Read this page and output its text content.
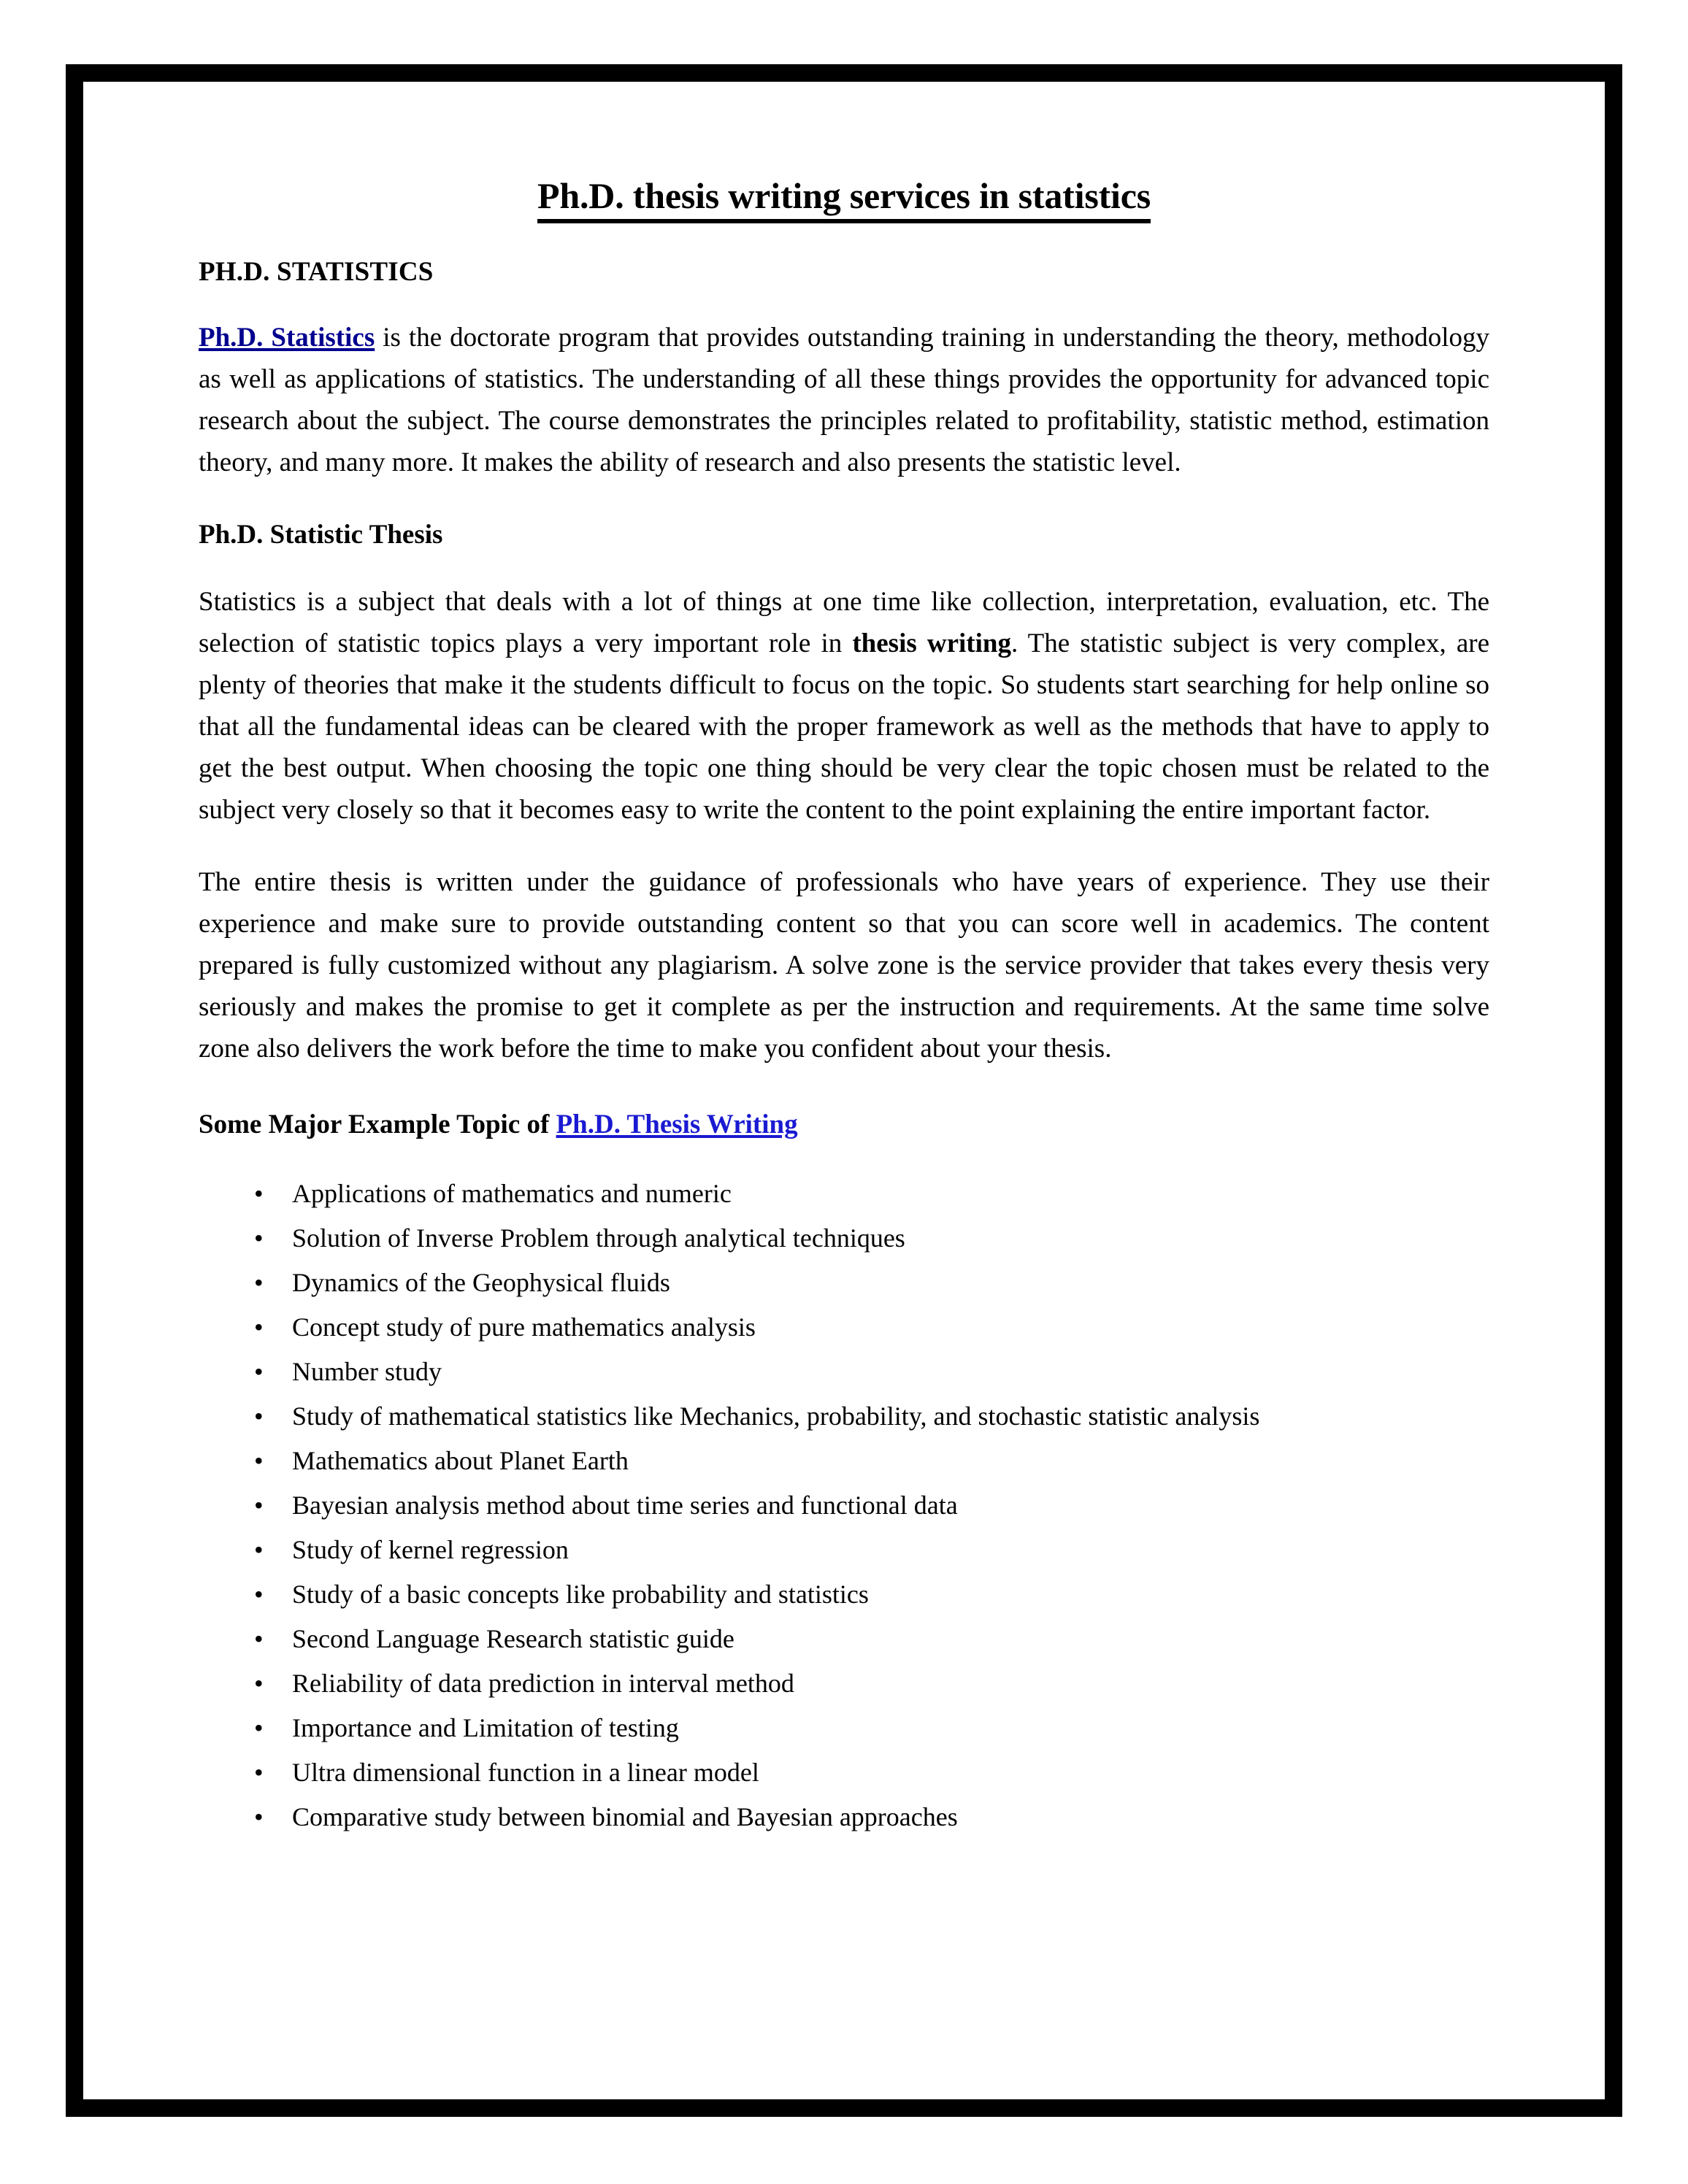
Ph.D. thesis writing services in statistics
PH.D. STATISTICS

Ph.D. Statistics is the doctorate program that provides outstanding training in understanding the theory, methodology as well as applications of statistics. The understanding of all these things provides the opportunity for advanced topic research about the subject. The course demonstrates the principles related to profitability, statistic method, estimation theory, and many more. It makes the ability of research and also presents the statistic level.

Ph.D. Statistic Thesis

Statistics is a subject that deals with a lot of things at one time like collection, interpretation, evaluation, etc. The selection of statistic topics plays a very important role in thesis writing. The statistic subject is very complex, are plenty of theories that make it the students difficult to focus on the topic. So students start searching for help online so that all the fundamental ideas can be cleared with the proper framework as well as the methods that have to apply to get the best output. When choosing the topic one thing should be very clear the topic chosen must be related to the subject very closely so that it becomes easy to write the content to the point explaining the entire important factor.

The entire thesis is written under the guidance of professionals who have years of experience. They use their experience and make sure to provide outstanding content so that you can score well in academics. The content prepared is fully customized without any plagiarism. A solve zone is the service provider that takes every thesis very seriously and makes the promise to get it complete as per the instruction and requirements. At the same time solve zone also delivers the work before the time to make you confident about your thesis.

Some Major Example Topic of Ph.D. Thesis Writing
• Applications of mathematics and numeric
• Solution of Inverse Problem through analytical techniques
• Dynamics of the Geophysical fluids
• Concept study of pure mathematics analysis
• Number study
• Study of mathematical statistics like Mechanics, probability, and stochastic statistic analysis
• Mathematics about Planet Earth
• Bayesian analysis method about time series and functional data
• Study of kernel regression
• Study of a basic concepts like probability and statistics
• Second Language Research statistic guide
• Reliability of data prediction in interval method
• Importance and Limitation of testing
• Ultra dimensional function in a linear model
• Comparative study between binomial and Bayesian approaches
